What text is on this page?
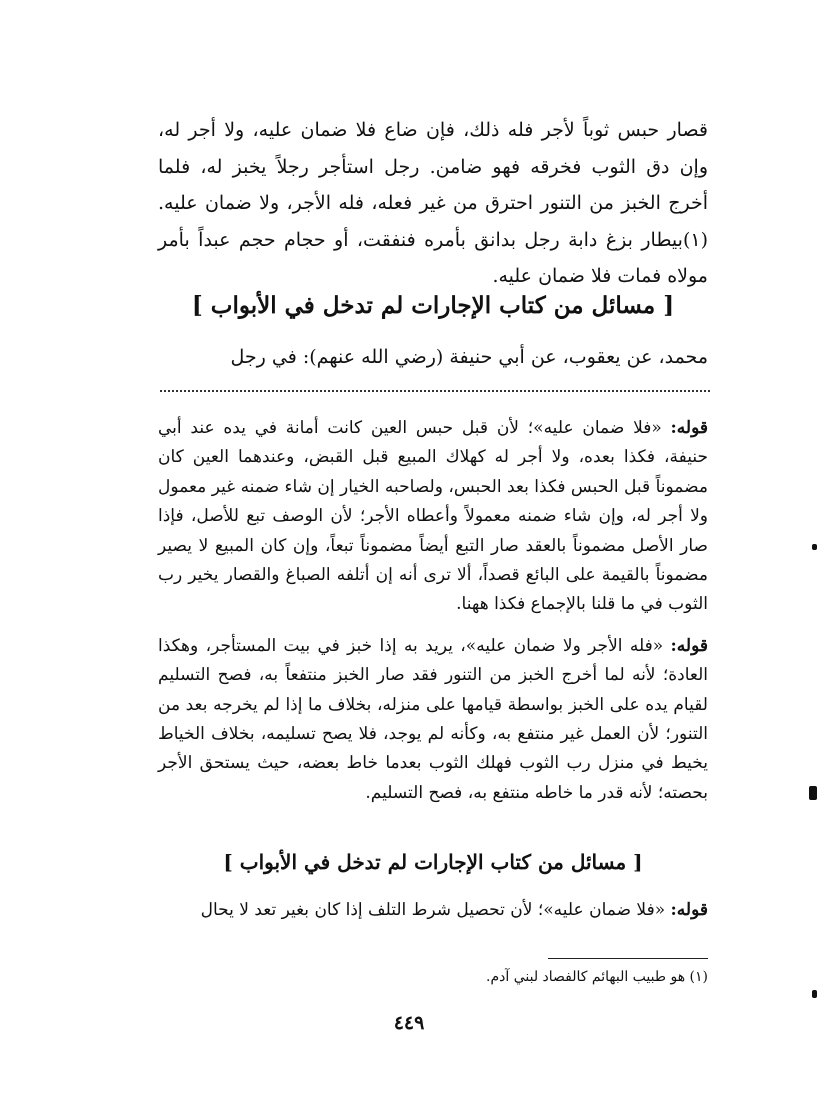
قصار حبس ثوباً لأجر فله ذلك، فإن ضاع فلا ضمان عليه، ولا أجر له، وإن دق الثوب فخرقه فهو ضامن. رجل استأجر رجلاً يخبز له، فلما أخرج الخبز من التنور احترق من غير فعله، فله الأجر، ولا ضمان عليه. (١)بيطار بزغ دابة رجل بدانق بأمره فنفقت، أو حجام حجم عبداً بأمر مولاه فمات فلا ضمان عليه.

[ مسائل من كتاب الإجارات لم تدخل في الأبواب ]
محمد، عن يعقوب، عن أبي حنيفة (رضي الله عنهم): في رجل

قوله: «فلا ضمان عليه»؛ لأن قبل حبس العين كانت أمانة في يده عند أبي حنيفة، فكذا بعده، ولا أجر له كهلاك المبيع قبل القبض، وعندهما العين كان مضموناً قبل الحبس فكذا بعد الحبس، ولصاحبه الخيار إن شاء ضمنه غير معمول ولا أجر له، وإن شاء ضمنه معمولاً وأعطاه الأجر؛ لأن الوصف تبع للأصل، فإذا صار الأصل مضموناً بالعقد صار التبع أيضاً مضموناً تبعاً، وإن كان المبيع لا يصير مضموناً بالقيمة على البائع قصداً، ألا ترى أنه إن أتلفه الصباغ والقصار يخير رب الثوب في ما قلنا بالإجماع فكذا ههنا.

قوله: «فله الأجر ولا ضمان عليه»، يريد به إذا خبز في بيت المستأجر، وهكذا العادة؛ لأنه لما أخرج الخبز من التنور فقد صار الخبز منتفعاً به، فصح التسليم لقيام يده على الخبز بواسطة قيامها على منزله، بخلاف ما إذا لم يخرجه بعد من التنور؛ لأن العمل غير منتفع به، وكأنه لم يوجد، فلا يصح تسليمه، بخلاف الخياط يخيط في منزل رب الثوب فهلك الثوب بعدما خاط بعضه، حيث يستحق الأجر بحصته؛ لأنه قدر ما خاطه منتفع به، فصح التسليم.

[ مسائل من كتاب الإجارات لم تدخل في الأبواب ]
قوله: «فلا ضمان عليه»؛ لأن تحصيل شرط التلف إذا كان بغير تعد لا يحال
(١) هو طبيب البهائم كالفصاد لبني آدم.
٤٤٩
